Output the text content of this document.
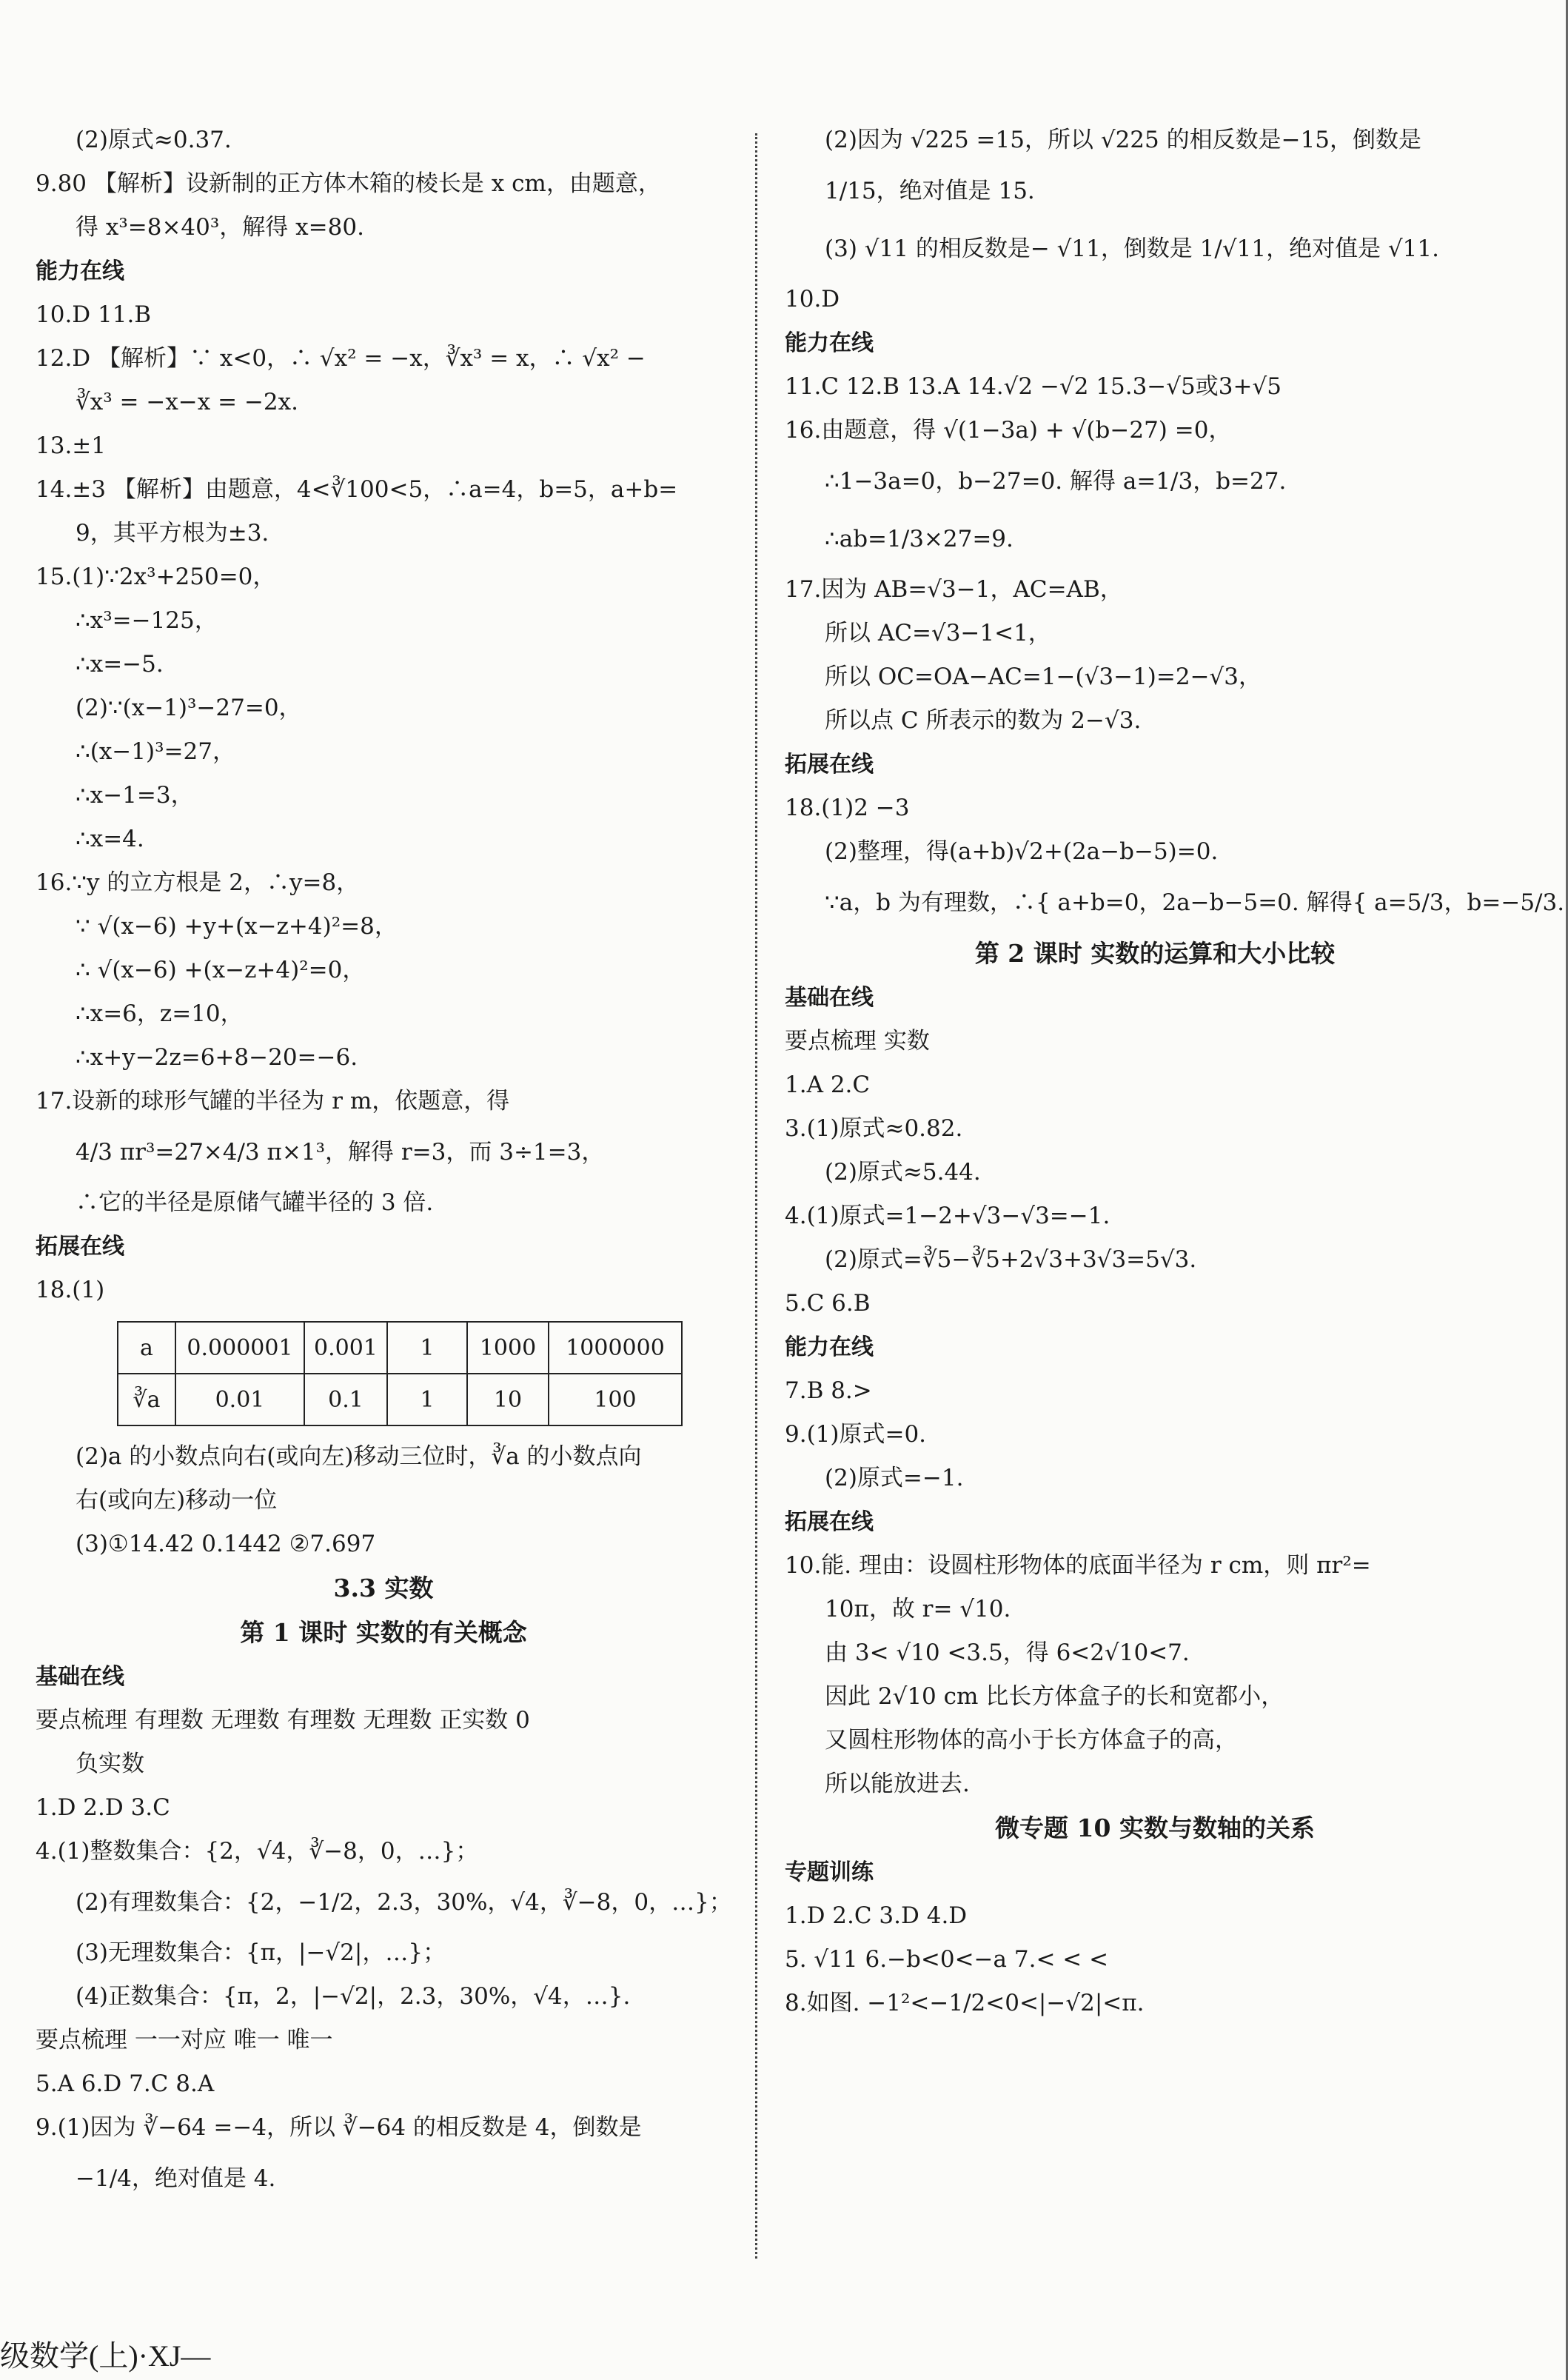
(2)原式≈0.37.
9.80 【解析】设新制的正方体木箱的棱长是 x cm，由题意，
得 x³=8×40³，解得 x=80.
能力在线
10.D 11.B
12.D 【解析】∵ x<0，∴ √x² = −x，∛x³ = x，∴ √x² −
∛x³ = −x−x = −2x.
13.±1
14.±3 【解析】由题意，4<∛100<5，∴a=4，b=5，a+b=
9，其平方根为±3.
15.(1)∵2x³+250=0，
∴x³=−125，
∴x=−5.
(2)∵(x−1)³−27=0，
∴(x−1)³=27，
∴x−1=3，
∴x=4.
16.∵y 的立方根是 2，∴y=8，
∵ √(x−6) +y+(x−z+4)²=8，
∴ √(x−6) +(x−z+4)²=0，
∴x=6，z=10，
∴x+y−2z=6+8−20=−6.
17.设新的球形气罐的半径为 r m，依题意，得
4/3 πr³=27×4/3 π×1³，解得 r=3，而 3÷1=3，
∴它的半径是原储气罐半径的 3 倍.
拓展在线
18.(1)
a	0.000001	0.001	1	1000	1000000
∛a	0.01	0.1	1	10	100
(2)a 的小数点向右(或向左)移动三位时，∛a 的小数点向
右(或向左)移动一位
(3)①14.42 0.1442 ②7.697
3.3 实数
第 1 课时 实数的有关概念
基础在线
要点梳理 有理数 无理数 有理数 无理数 正实数 0
负实数
1.D 2.D 3.C
4.(1)整数集合：{2，√4，∛−8，0，…}；
(2)有理数集合：{2，−1/2，2.3，30%，√4，∛−8，0，…}；
(3)无理数集合：{π，|−√2|，…}；
(4)正数集合：{π，2，|−√2|，2.3，30%，√4，…}.
要点梳理 一一对应 唯一 唯一
5.A 6.D 7.C 8.A
9.(1)因为 ∛−64 =−4，所以 ∛−64 的相反数是 4，倒数是
−1/4，绝对值是 4.
(2)因为 √225 =15，所以 √225 的相反数是−15，倒数是
1/15，绝对值是 15.
(3) √11 的相反数是− √11，倒数是 1/√11，绝对值是 √11.
10.D
能力在线
11.C 12.B 13.A 14.√2 −√2 15.3−√5或3+√5
16.由题意，得 √(1−3a) + √(b−27) =0，
∴1−3a=0，b−27=0. 解得 a=1/3，b=27.
∴ab=1/3×27=9.
17.因为 AB=√3−1，AC=AB，
所以 AC=√3−1<1，
所以 OC=OA−AC=1−(√3−1)=2−√3，
所以点 C 所表示的数为 2−√3.
拓展在线
18.(1)2 −3
(2)整理，得(a+b)√2+(2a−b−5)=0.
∵a，b 为有理数，∴{ a+b=0，2a−b−5=0. 解得{ a=5/3，b=−5/3.
第 2 课时 实数的运算和大小比较
基础在线
要点梳理 实数
1.A 2.C
3.(1)原式≈0.82.
(2)原式≈5.44.
4.(1)原式=1−2+√3−√3=−1.
(2)原式=∛5−∛5+2√3+3√3=5√3.
5.C 6.B
能力在线
7.B 8.>
9.(1)原式=0.
(2)原式=−1.
拓展在线
10.能. 理由：设圆柱形物体的底面半径为 r cm，则 πr²=
10π，故 r= √10.
由 3< √10 <3.5，得 6<2√10<7.
因此 2√10 cm 比长方体盒子的长和宽都小，
又圆柱形物体的高小于长方体盒子的高，
所以能放进去.
微专题 10 实数与数轴的关系
专题训练
1.D 2.C 3.D 4.D
5. √11 6.−b<0<−a 7.< < <
8.如图. −1²<−1/2<0<|−√2|<π.
级数学(上)·XJ—
